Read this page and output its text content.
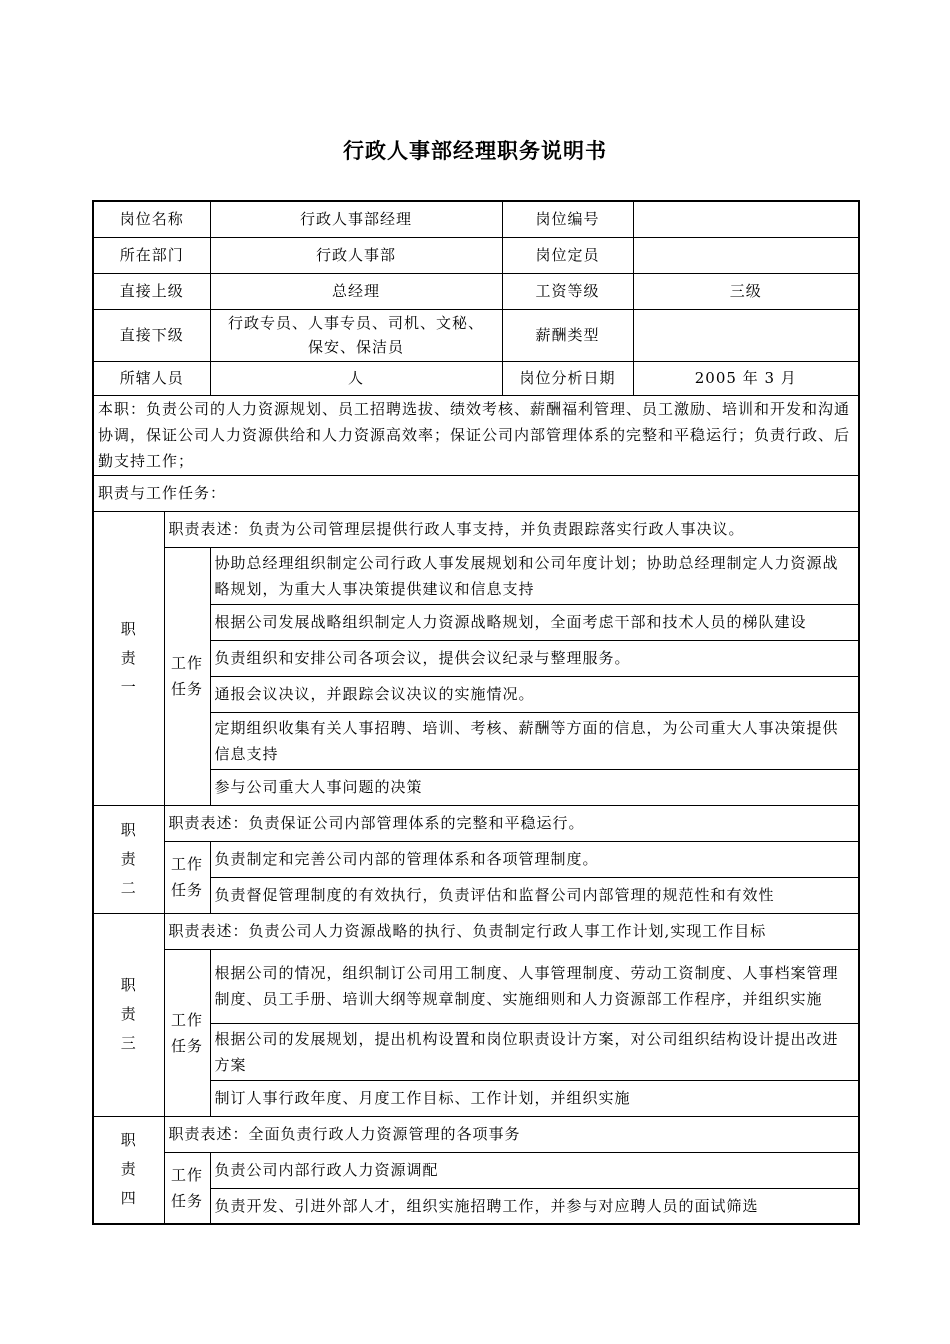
行政人事部经理职务说明书
岗位名称		行政人事部经理	岗位编号	
所在部门		行政人事部	岗位定员	
直接上级		总经理	工资等级	三级
直接下级		行政专员、人事专员、司机、文秘、保安、保洁员	薪酬类型	
所辖人员		人	岗位分析日期	2005 年 3 月
本职：负责公司的人力资源规划、员工招聘选拔、绩效考核、薪酬福利管理、员工激励、培训和开发和沟通协调，保证公司人力资源供给和人力资源高效率；保证公司内部管理体系的完整和平稳运行；负责行政、后勤支持工作；				
职责与工作任务：				
职
责
一	职责表述：负责为公司管理层提供行政人事支持，并负责跟踪落实行政人事决议。			
	工作
任务	协助总经理组织制定公司行政人事发展规划和公司年度计划；协助总经理制定人力资源战略规划，为重大人事决策提供建议和信息支持		
		根据公司发展战略组织制定人力资源战略规划，全面考虑干部和技术人员的梯队建设		
		负责组织和安排公司各项会议，提供会议纪录与整理服务。		
		通报会议决议，并跟踪会议决议的实施情况。		
		定期组织收集有关人事招聘、培训、考核、薪酬等方面的信息，为公司重大人事决策提供信息支持		
		参与公司重大人事问题的决策		
职
责
二	职责表述：负责保证公司内部管理体系的完整和平稳运行。			
	工作
任务	负责制定和完善公司内部的管理体系和各项管理制度。		
		负责督促管理制度的有效执行，负责评估和监督公司内部管理的规范性和有效性		
职
责
三	职责表述：负责公司人力资源战略的执行、负责制定行政人事工作计划,实现工作目标			
	工作
任务	根据公司的情况，组织制订公司用工制度、人事管理制度、劳动工资制度、人事档案管理制度、员工手册、培训大纲等规章制度、实施细则和人力资源部工作程序，并组织实施		
		根据公司的发展规划，提出机构设置和岗位职责设计方案，对公司组织结构设计提出改进方案		
		制订人事行政年度、月度工作目标、工作计划，并组织实施		
职
责
四	职责表述：全面负责行政人力资源管理的各项事务			
	工作
任务	负责公司内部行政人力资源调配		
		负责开发、引进外部人才，组织实施招聘工作，并参与对应聘人员的面试筛选		
